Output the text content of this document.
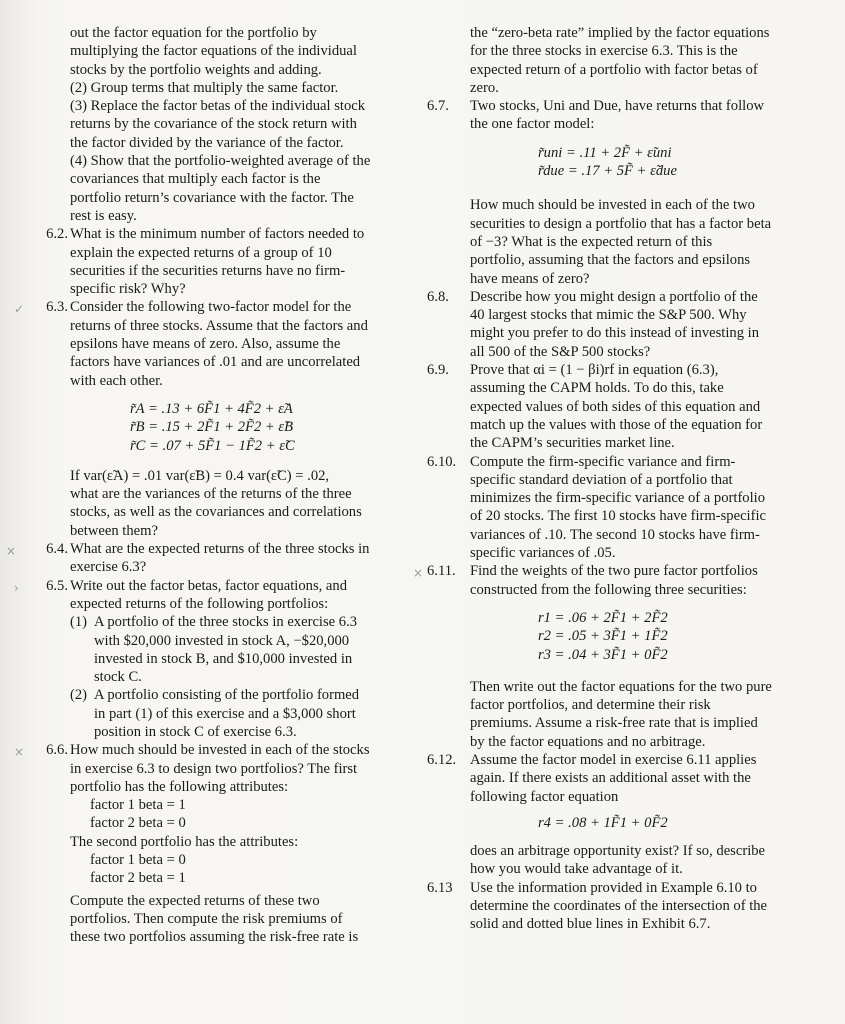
out the factor equation for the portfolio by
multiplying the factor equations of the individual
stocks by the portfolio weights and adding.
(2) Group terms that multiply the same factor.
(3) Replace the factor betas of the individual stock
returns by the covariance of the stock return with
the factor divided by the variance of the factor.
(4) Show that the portfolio-weighted average of the
covariances that multiply each factor is the
portfolio return’s covariance with the factor. The
rest is easy.
6.2. What is the minimum number of factors needed to
explain the expected returns of a group of 10
securities if the securities returns have no firm-
specific risk? Why?
✓	6.3. Consider the following two-factor model for the
returns of three stocks. Assume that the factors and
epsilons have means of zero. Also, assume the
factors have variances of .01 and are uncorrelated
with each other.
r̃A = .13 + 6F̃1 + 4F̃2 + ε̃A
r̃B = .15 + 2F̃1 + 2F̃2 + ε̃B
r̃C = .07 + 5F̃1 − 1F̃2 + ε̃C
If var(ε̃A) = .01 var(ε̃B) = 0.4 var(ε̃C) = .02,
what are the variances of the returns of the three
stocks, as well as the covariances and correlations
between them?
×	6.4. What are the expected returns of the three stocks in
exercise 6.3?
›	6.5. Write out the factor betas, factor equations, and
expected returns of the following portfolios:
(1) A portfolio of the three stocks in exercise 6.3
with $20,000 invested in stock A, −$20,000
invested in stock B, and $10,000 invested in
stock C.
(2) A portfolio consisting of the portfolio formed
in part (1) of this exercise and a $3,000 short
position in stock C of exercise 6.3.
×	6.6. How much should be invested in each of the stocks
in exercise 6.3 to design two portfolios? The first
portfolio has the following attributes:
factor 1 beta = 1
factor 2 beta = 0
The second portfolio has the attributes:
factor 1 beta = 0
factor 2 beta = 1
Compute the expected returns of these two
portfolios. Then compute the risk premiums of
these two portfolios assuming the risk-free rate is
the “zero-beta rate” implied by the factor equations
for the three stocks in exercise 6.3. This is the
expected return of a portfolio with factor betas of
zero.
6.7.	Two stocks, Uni and Due, have returns that follow
the one factor model:
r̃uni = .11 + 2F̃ + ε̃uni
r̃due = .17 + 5F̃ + ε̃due
How much should be invested in each of the two
securities to design a portfolio that has a factor beta
of −3? What is the expected return of this
portfolio, assuming that the factors and epsilons
have means of zero?
6.8.	Describe how you might design a portfolio of the
40 largest stocks that mimic the S&P 500. Why
might you prefer to do this instead of investing in
all 500 of the S&P 500 stocks?
6.9.	Prove that αi = (1 − βi)rf in equation (6.3),
assuming the CAPM holds. To do this, take
expected values of both sides of this equation and
match up the values with those of the equation for
the CAPM’s securities market line.
6.10. Compute the firm-specific variance and firm-
specific standard deviation of a portfolio that
minimizes the firm-specific variance of a portfolio
of 20 stocks. The first 10 stocks have firm-specific
variances of .10. The second 10 stocks have firm-
specific variances of .05.
× 6.11. Find the weights of the two pure factor portfolios
constructed from the following three securities:
r1 = .06 + 2F̃1 + 2F̃2
r2 = .05 + 3F̃1 + 1F̃2
r3 = .04 + 3F̃1 + 0F̃2
Then write out the factor equations for the two pure
factor portfolios, and determine their risk
premiums. Assume a risk-free rate that is implied
by the factor equations and no arbitrage.
6.12. Assume the factor model in exercise 6.11 applies
again. If there exists an additional asset with the
following factor equation
r4 = .08 + 1F̃1 + 0F̃2
does an arbitrage opportunity exist? If so, describe
how you would take advantage of it.
6.13	Use the information provided in Example 6.10 to
determine the coordinates of the intersection of the
solid and dotted blue lines in Exhibit 6.7.
